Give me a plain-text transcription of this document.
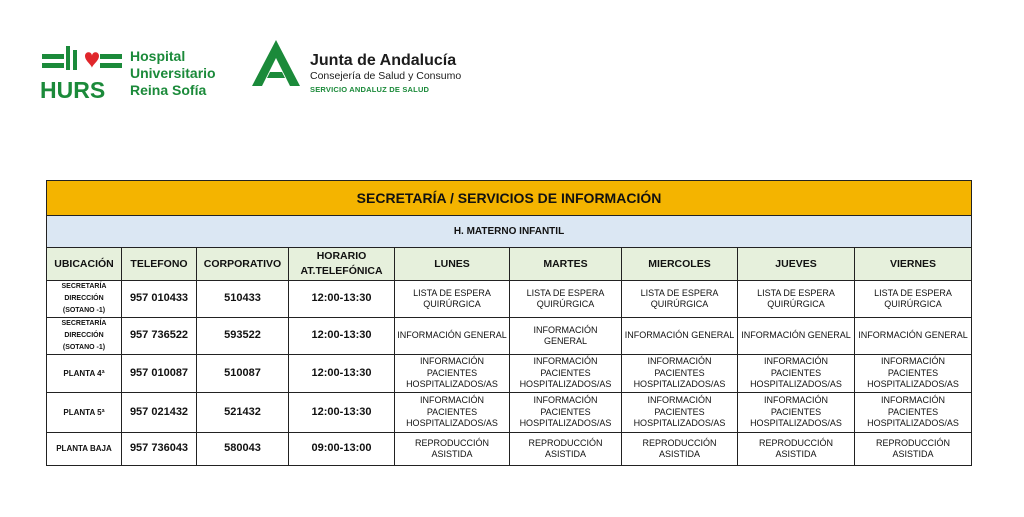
HURS
Hospital
Universitario
Reina Sofía
Junta de Andalucía
Consejería de Salud y Consumo
SERVICIO ANDALUZ DE SALUD
SECRETARÍA / SERVICIOS DE INFORMACIÓN								
H. MATERNO INFANTIL								
UBICACIÓN	TELEFONO	CORPORATIVO	HORARIO AT.TELEFÓNICA	LUNES	MARTES	MIERCOLES	JUEVES	VIERNES
SECRETARÍA DIRECCIÓN (SOTANO -1)	957 010433	510433	12:00-13:30	LISTA DE ESPERA QUIRÚRGICA	LISTA DE ESPERA QUIRÚRGICA	LISTA DE ESPERA QUIRÚRGICA	LISTA DE ESPERA QUIRÚRGICA	LISTA DE ESPERA QUIRÚRGICA
SECRETARÍA DIRECCIÓN (SOTANO -1)	957 736522	593522	12:00-13:30	INFORMACIÓN GENERAL	INFORMACIÓN GENERAL	INFORMACIÓN GENERAL	INFORMACIÓN GENERAL	INFORMACIÓN GENERAL
PLANTA 4ª	957 010087	510087	12:00-13:30	INFORMACIÓN PACIENTES HOSPITALIZADOS/AS	INFORMACIÓN PACIENTES HOSPITALIZADOS/AS	INFORMACIÓN PACIENTES HOSPITALIZADOS/AS	INFORMACIÓN PACIENTES HOSPITALIZADOS/AS	INFORMACIÓN PACIENTES HOSPITALIZADOS/AS
PLANTA 5ª	957 021432	521432	12:00-13:30	INFORMACIÓN PACIENTES HOSPITALIZADOS/AS	INFORMACIÓN PACIENTES HOSPITALIZADOS/AS	INFORMACIÓN PACIENTES HOSPITALIZADOS/AS	INFORMACIÓN PACIENTES HOSPITALIZADOS/AS	INFORMACIÓN PACIENTES HOSPITALIZADOS/AS
PLANTA BAJA	957 736043	580043	09:00-13:00	REPRODUCCIÓN ASISTIDA	REPRODUCCIÓN ASISTIDA	REPRODUCCIÓN ASISTIDA	REPRODUCCIÓN ASISTIDA	REPRODUCCIÓN ASISTIDA
